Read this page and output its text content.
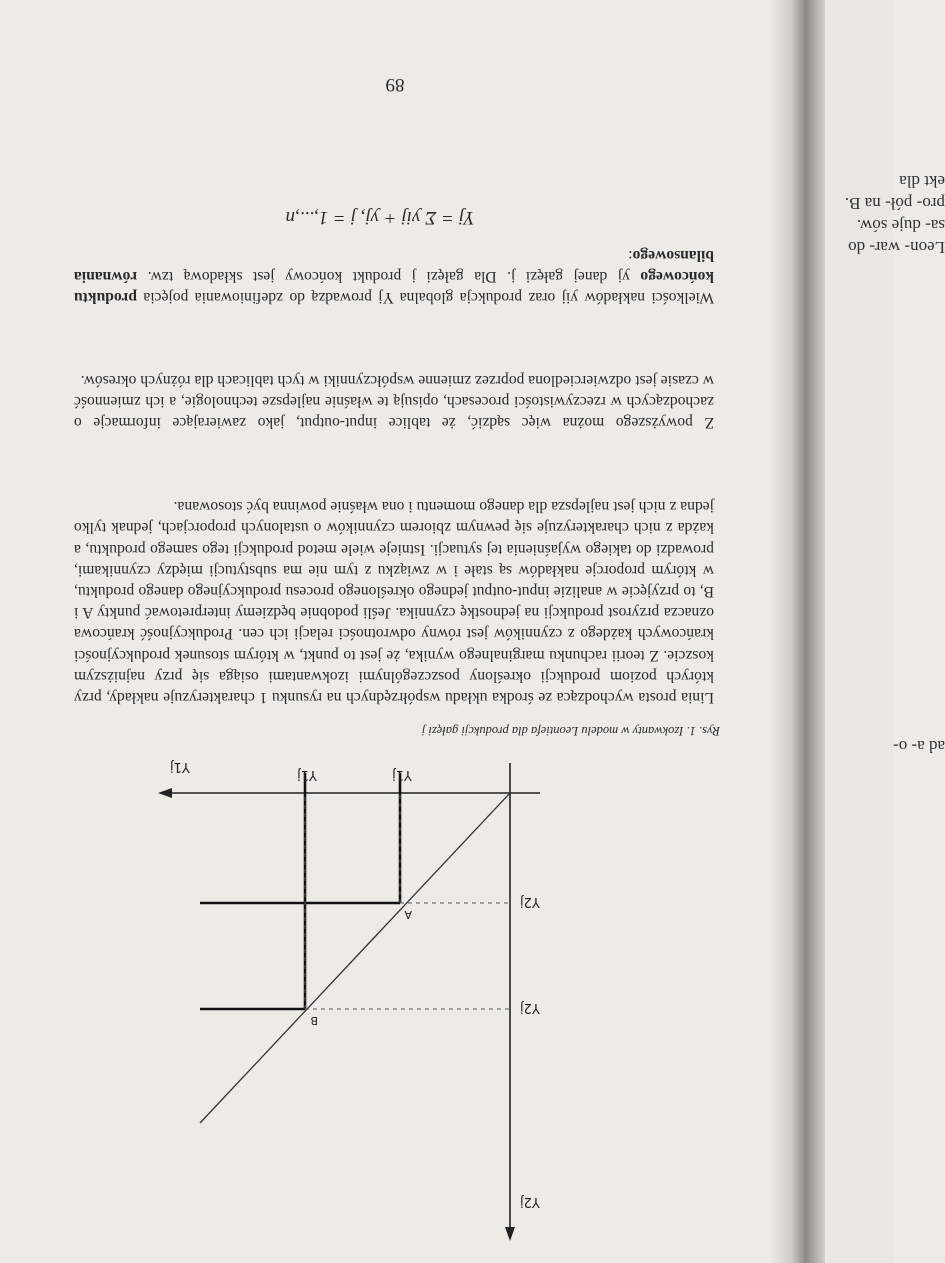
Leon- war- do sa- duje sów. pro- pół- na B. ekt dla
ad a- o-
Y2j
Y1j
Y2j
Y2j
Y1j
Y1j
A
B
Rys. 1. Izokwanty w modelu Leontiefa dla produkcji gałęzi j

Linia prosta wychodząca ze środka układu współrzędnych na rysunku 1 charakteryzuje nakłady, przy których poziom produkcji określony poszczególnymi izokwantami osiąga się przy najniższym koszcie. Z teorii rachunku marginalnego wynika, że jest to punkt, w którym stosunek produkcyjności krańcowych każdego z czynników jest równy odwrotności relacji ich cen. Produkcyjność krańcowa oznacza przyrost produkcji na jednostkę czynnika. Jeśli podobnie będziemy interpretować punkty A i B, to przyjęcie w analizie input-output jednego określonego procesu produkcyjnego danego produktu, w którym proporcje nakładów są stałe i w związku z tym nie ma substytucji między czynnikami, prowadzi do takiego wyjaśnienia tej sytuacji. Istnieje wiele metod produkcji tego samego produktu, a każda z nich charakteryzuje się pewnym zbiorem czynników o ustalonych proporcjach, jednak tylko jedna z nich jest najlepsza dla danego momentu i ona właśnie powinna być stosowana.

Z powyższego można więc sądzić, że tablice input-output, jako zawierające informacje o zachodzących w rzeczywistości procesach, opisują te właśnie najlepsze technologie, a ich zmienność w czasie jest odzwierciedlona poprzez zmienne współczynniki w tych tablicach dla różnych okresów.

Wielkości nakładów yij oraz produkcja globalna Yj prowadzą do zdefiniowania pojęcia produktu końcowego yj danej gałęzi j. Dla gałęzi j produkt końcowy jest składową tzw. równania bilansowego:

Yj = Σ yij + yj, j = 1,...,n
89
